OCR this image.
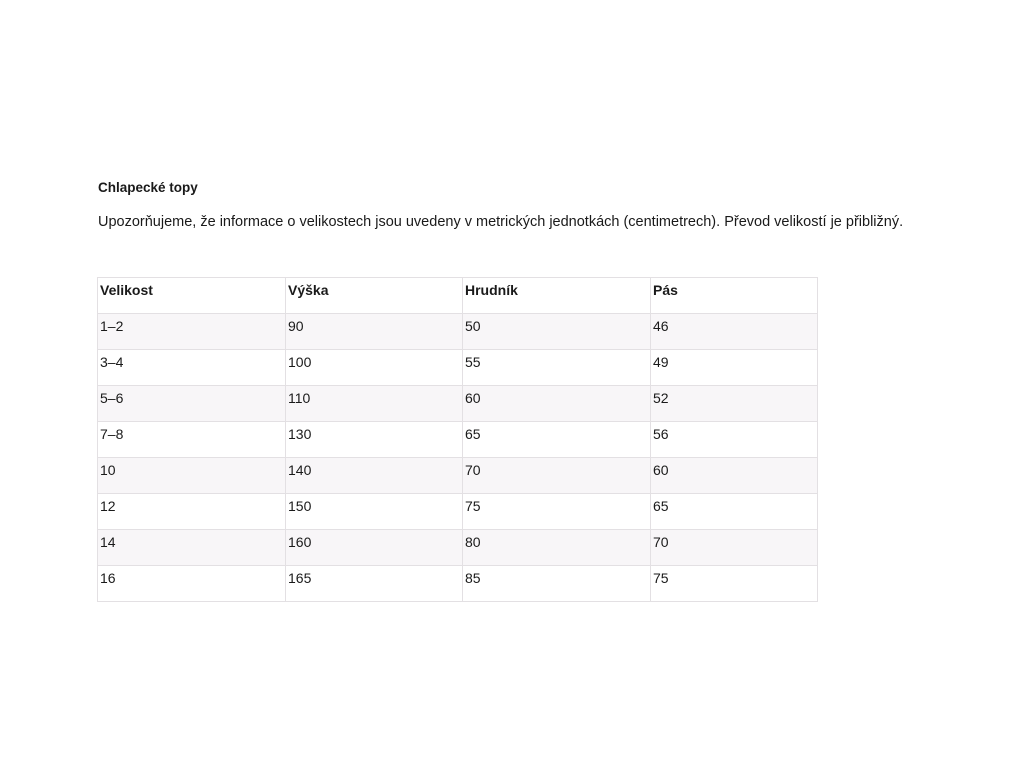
Chlapecké topy

Upozorňujeme, že informace o velikostech jsou uvedeny v metrických jednotkách (centimetrech). Převod velikostí je přibližný.

Velikost	Výška	Hrudník	Pás
1–2	90	50	46
3–4	100	55	49
5–6	110	60	52
7–8	130	65	56
10	140	70	60
12	150	75	65
14	160	80	70
16	165	85	75
